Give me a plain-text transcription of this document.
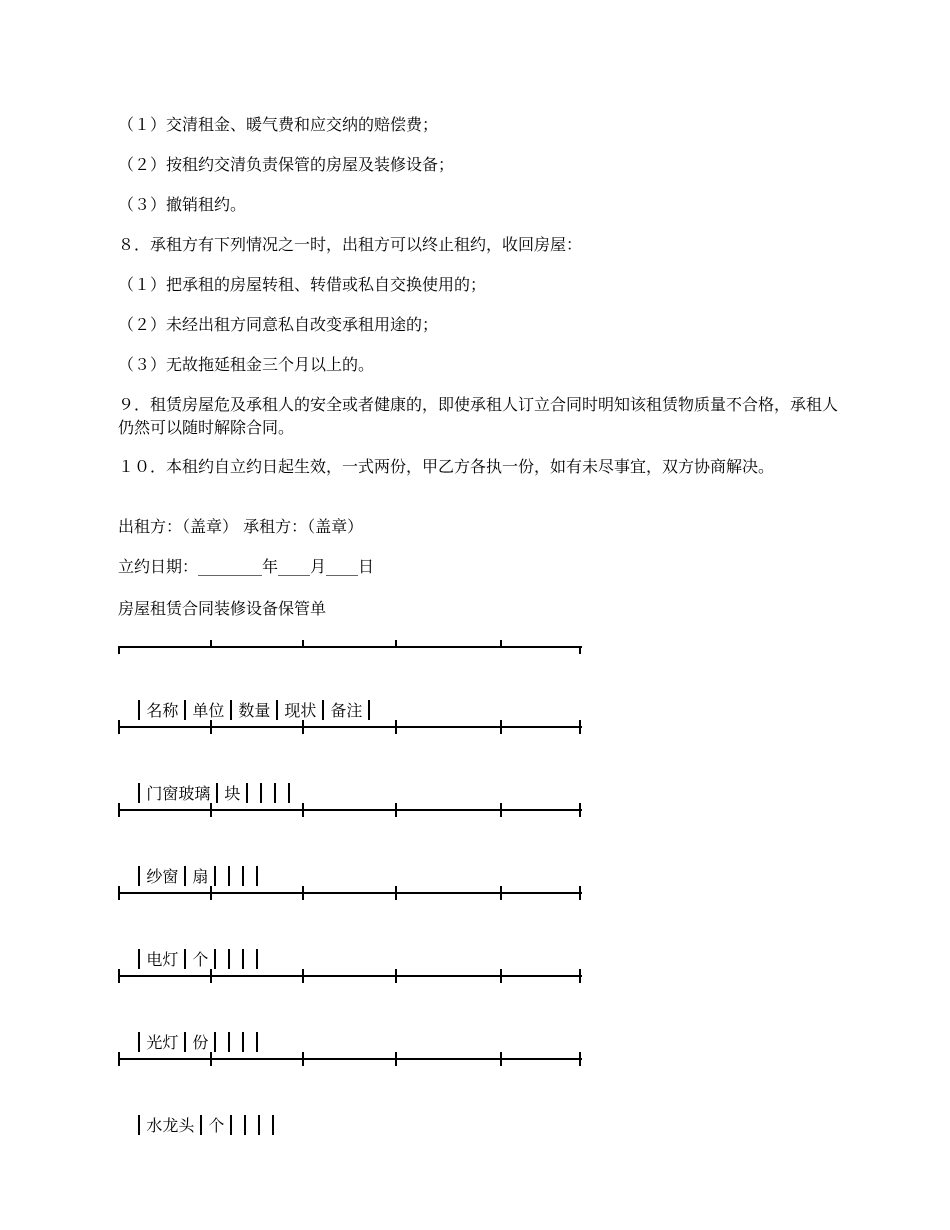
（１）交清租金、暖气费和应交纳的赔偿费；
（２）按租约交清负责保管的房屋及装修设备；
（３）撤销租约。
８．承租方有下列情况之一时，出租方可以终止租约，收回房屋：
（１）把承租的房屋转租、转借或私自交换使用的；
（２）未经出租方同意私自改变承租用途的；
（３）无故拖延租金三个月以上的。
９．租赁房屋危及承租人的安全或者健康的，即使承租人订立合同时明知该租赁物质量不合格，承租人仍然可以随时解除合同。
１０．本租约自立约日起生效，一式两份，甲乙方各执一份，如有未尽事宜，双方协商解决。
出租方：（盖章） 承租方：（盖章）
立约日期：________年____月____日
房屋租赁合同装修设备保管单

名称 单位 数量 现状 备注

门窗玻璃 块

纱窗 扇

电灯 个

光灯 份

水龙头 个
